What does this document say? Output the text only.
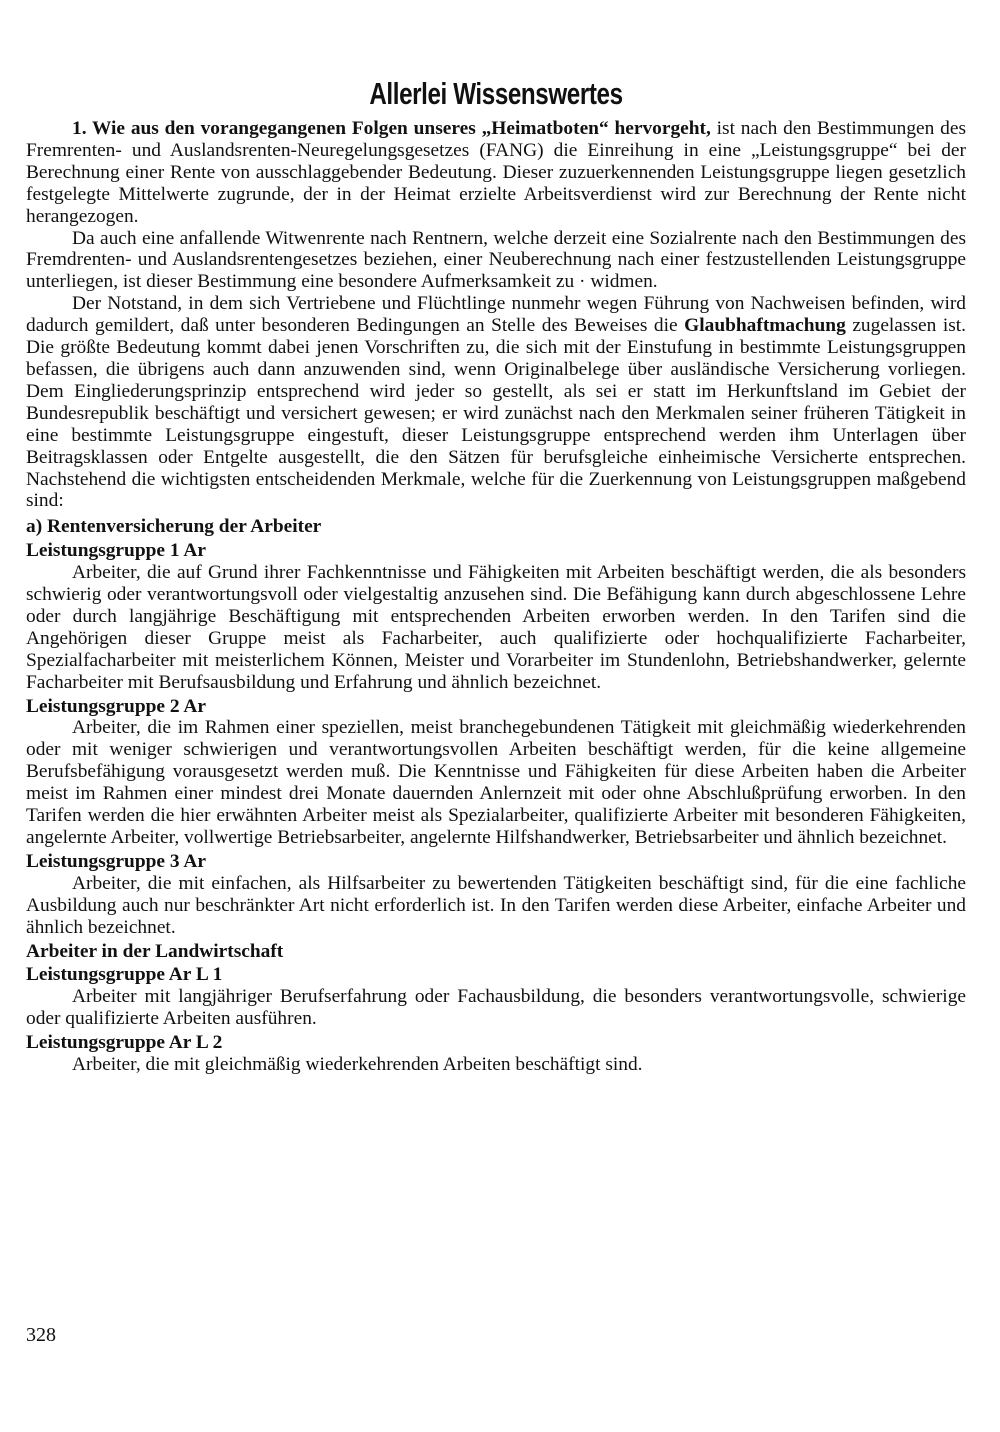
Allerlei Wissenswertes

1. Wie aus den vorangegangenen Folgen unseres „Heimatboten“ hervorgeht, ist nach den Bestimmungen des Fremrenten- und Auslandsrenten-Neuregelungsgesetzes (FANG) die Einreihung in eine „Leistungsgruppe“ bei der Berechnung einer Rente von ausschlaggebender Bedeutung. Dieser zuzuerkennenden Leistungsgruppe liegen gesetzlich festgelegte Mittelwerte zugrunde, der in der Heimat erzielte Arbeitsverdienst wird zur Berechnung der Rente nicht herangezogen.

Da auch eine anfallende Witwenrente nach Rentnern, welche derzeit eine Sozialrente nach den Bestimmungen des Fremdrenten- und Auslandsrentengesetzes beziehen, einer Neuberechnung nach einer festzustellenden Leistungsgruppe unterliegen, ist dieser Bestimmung eine besondere Aufmerksamkeit zu · widmen.

Der Notstand, in dem sich Vertriebene und Flüchtlinge nunmehr wegen Führung von Nachweisen befinden, wird dadurch gemildert, daß unter besonderen Bedingungen an Stelle des Beweises die Glaubhaftmachung zugelassen ist. Die größte Bedeutung kommt dabei jenen Vorschriften zu, die sich mit der Einstufung in bestimmte Leistungsgruppen befassen, die übrigens auch dann anzuwenden sind, wenn Originalbelege über ausländische Versicherung vorliegen. Dem Eingliederungsprinzip entsprechend wird jeder so gestellt, als sei er statt im Herkunftsland im Gebiet der Bundesrepublik beschäftigt und versichert gewesen; er wird zunächst nach den Merkmalen seiner früheren Tätigkeit in eine bestimmte Leistungsgruppe eingestuft, dieser Leistungsgruppe entsprechend werden ihm Unterlagen über Beitragsklassen oder Entgelte ausgestellt, die den Sätzen für berufsgleiche einheimische Versicherte entsprechen. Nachstehend die wichtigsten entscheidenden Merkmale, welche für die Zuerkennung von Leistungsgruppen maßgebend sind:

a) Rentenversicherung der Arbeiter
Leistungsgruppe 1 Ar

Arbeiter, die auf Grund ihrer Fachkenntnisse und Fähigkeiten mit Arbeiten beschäftigt werden, die als besonders schwierig oder verantwortungsvoll oder vielgestaltig anzusehen sind. Die Befähigung kann durch abgeschlossene Lehre oder durch langjährige Beschäftigung mit entsprechenden Arbeiten erworben werden. In den Tarifen sind die Angehörigen dieser Gruppe meist als Facharbeiter, auch qualifizierte oder hochqualifizierte Facharbeiter, Spezialfacharbeiter mit meisterlichem Können, Meister und Vorarbeiter im Stundenlohn, Betriebshandwerker, gelernte Facharbeiter mit Berufsausbildung und Erfahrung und ähnlich bezeichnet.

Leistungsgruppe 2 Ar

Arbeiter, die im Rahmen einer speziellen, meist branchegebundenen Tätigkeit mit gleichmäßig wiederkehrenden oder mit weniger schwierigen und verantwortungsvollen Arbeiten beschäftigt werden, für die keine allgemeine Berufsbefähigung vorausgesetzt werden muß. Die Kenntnisse und Fähigkeiten für diese Arbeiten haben die Arbeiter meist im Rahmen einer mindest drei Monate dauernden Anlernzeit mit oder ohne Abschlußprüfung erworben. In den Tarifen werden die hier erwähnten Arbeiter meist als Spezialarbeiter, qualifizierte Arbeiter mit besonderen Fähigkeiten, angelernte Arbeiter, vollwertige Betriebsarbeiter, angelernte Hilfshandwerker, Betriebsarbeiter und ähnlich bezeichnet.

Leistungsgruppe 3 Ar

Arbeiter, die mit einfachen, als Hilfsarbeiter zu bewertenden Tätigkeiten beschäftigt sind, für die eine fachliche Ausbildung auch nur beschränkter Art nicht erforderlich ist. In den Tarifen werden diese Arbeiter, einfache Arbeiter und ähnlich bezeichnet.

Arbeiter in der Landwirtschaft
Leistungsgruppe Ar L 1

Arbeiter mit langjähriger Berufserfahrung oder Fachausbildung, die besonders verantwortungsvolle, schwierige oder qualifizierte Arbeiten ausführen.

Leistungsgruppe Ar L 2

Arbeiter, die mit gleichmäßig wiederkehrenden Arbeiten beschäftigt sind.

328
